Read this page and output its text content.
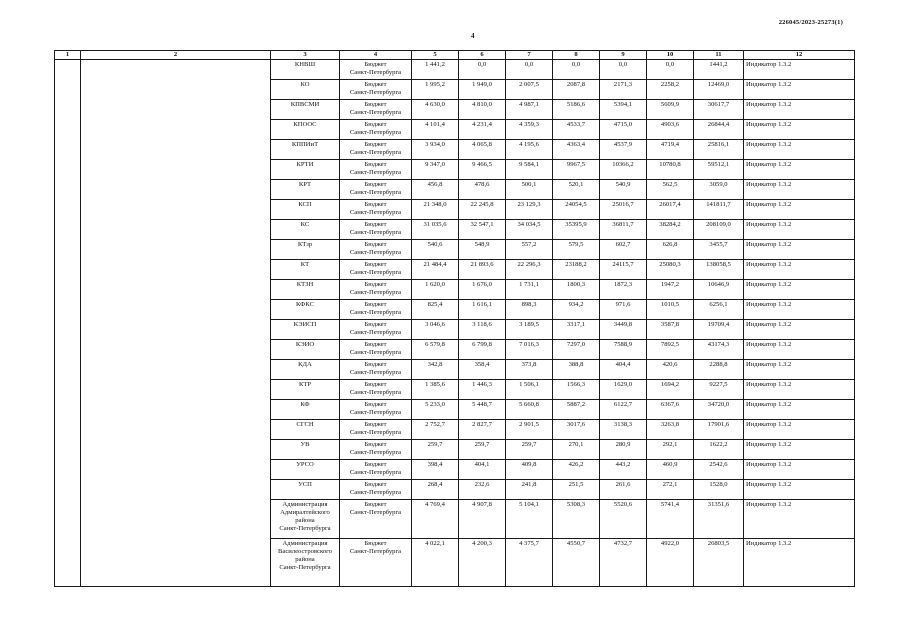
226045/2023-25273(1)
4
1	2	3	4	5	6	7	8	9	10	11	12
		КНВШ	Бюджет
Санкт-Петербурга	1 441,2	0,0	0,0	0,0	0,0	0,0	1441,2	Индикатор 1.3.2
		КО	Бюджет
Санкт-Петербурга	1 995,2	1 949,0	2 007,5	2087,8	2171,3	2258,2	12469,0	Индикатор 1.3.2
		КПВСМИ	Бюджет
Санкт-Петербурга	4 630,0	4 810,0	4 987,1	5186,6	5394,1	5609,9	30617,7	Индикатор 1.3.2
		КПООС	Бюджет
Санкт-Петербурга	4 101,4	4 231,4	4 359,3	4533,7	4715,0	4903,6	26844,4	Индикатор 1.3.2
		КППИиТ	Бюджет
Санкт-Петербурга	3 934,0	4 065,8	4 195,6	4363,4	4537,9	4719,4	25816,1	Индикатор 1.3.2
		КРТИ	Бюджет
Санкт-Петербурга	9 347,0	9 466,5	9 584,1	9967,5	10366,2	10780,8	59512,1	Индикатор 1.3.2
		КРТ	Бюджет
Санкт-Петербурга	456,8	478,6	500,1	520,1	540,9	562,5	3059,0	Индикатор 1.3.2
		КСП	Бюджет
Санкт-Петербурга	21 348,0	22 245,8	23 129,3	24054,5	25016,7	26017,4	141811,7	Индикатор 1.3.2
		КС	Бюджет
Санкт-Петербурга	31 035,6	32 547,1	34 034,5	35395,9	36811,7	38284,2	208109,0	Индикатор 1.3.2
		КТзр	Бюджет
Санкт-Петербурга	540,6	548,9	557,2	579,5	602,7	626,8	3455,7	Индикатор 1.3.2
		КТ	Бюджет
Санкт-Петербурга	21 484,4	21 893,6	22 296,3	23188,2	24115,7	25080,3	138058,5	Индикатор 1.3.2
		КТЗН	Бюджет
Санкт-Петербурга	1 620,0	1 676,0	1 731,1	1800,3	1872,3	1947,2	10646,9	Индикатор 1.3.2
		КФКС	Бюджет
Санкт-Петербурга	825,4	1 616,1	898,3	934,2	971,6	1010,5	6256,1	Индикатор 1.3.2
		КЭИСП	Бюджет
Санкт-Петербурга	3 046,6	3 118,6	3 189,5	3317,1	3449,8	3587,8	19709,4	Индикатор 1.3.2
		КЭИО	Бюджет
Санкт-Петербурга	6 579,8	6 799,8	7 016,3	7297,0	7588,9	7892,5	43174,3	Индикатор 1.3.2
		КДА	Бюджет
Санкт-Петербурга	342,8	358,4	373,8	388,8	404,4	420,6	2288,8	Индикатор 1.3.2
		КТР	Бюджет
Санкт-Петербурга	1 385,6	1 446,3	1 506,1	1566,3	1629,0	1694,2	9227,5	Индикатор 1.3.2
		КФ	Бюджет
Санкт-Петербурга	5 233,0	5 448,7	5 660,8	5887,2	6122,7	6367,6	34720,0	Индикатор 1.3.2
		СГСН	Бюджет
Санкт-Петербурга	2 752,7	2 827,7	2 901,5	3017,6	3138,3	3263,8	17901,6	Индикатор 1.3.2
		УВ	Бюджет
Санкт-Петербурга	259,7	259,7	259,7	270,1	280,9	292,1	1622,2	Индикатор 1.3.2
		УРСО	Бюджет
Санкт-Петербурга	398,4	404,1	409,8	426,2	443,2	460,9	2542,6	Индикатор 1.3.2
		УСП	Бюджет
Санкт-Петербурга	268,4	232,6	241,8	251,5	261,6	272,1	1528,0	Индикатор 1.3.2
		Администрация
Адмиралтейского
района
Санкт-Петербурга	Бюджет
Санкт-Петербурга	4 769,4	4 907,8	5 104,1	5308,3	5520,6	5741,4	31351,6	Индикатор 1.3.2
		Администрация
Василеостровского
района
Санкт-Петербурга	Бюджет
Санкт-Петербурга	4 022,1	4 200,3	4 375,7	4550,7	4732,7	4922,0	26803,5	Индикатор 1.3.2
